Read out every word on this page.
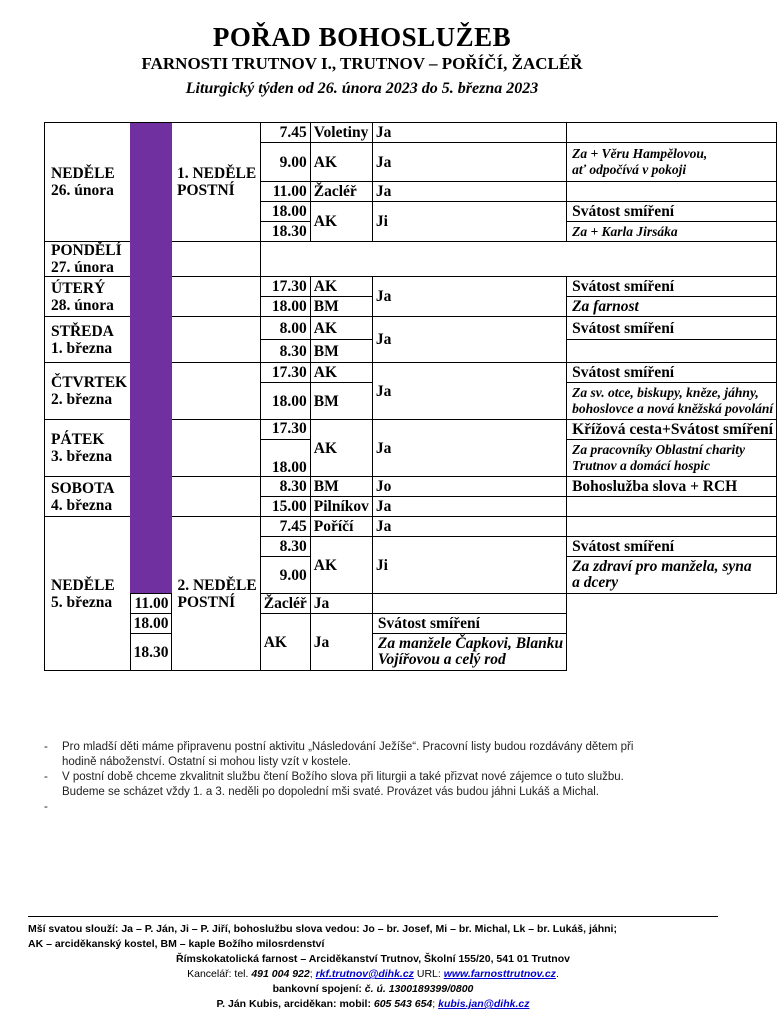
POŘAD BOHOSLUŽEB
FARNOSTI TRUTNOV I., TRUTNOV – POŘÍČÍ, ŽACLÉŘ
Liturgický týden od 26. února 2023 do 5. března 2023
NEDĚLE
26. února		1. NEDĚLE
POSTNÍ	7.45	Voletiny	Ja	
			9.00	AK	Ja	Za + Věru Hampělovou,
ať odpočívá v pokoji

			11.00	Žacléř	Ja	
			18.00	AK	Ji	Svátost smíření
			18.30			Za + Karla Jirsáka

PONDĚLÍ
27. února						

ÚTERÝ
28. února			17.30	AK	Ja	Svátost smíření
			18.00	BM		Za farnost

STŘEDA
1. března			8.00	AK	Ja	Svátost smíření
			8.30	BM		

ČTVRTEK
2. března			17.30	AK	Ja	Svátost smíření
			18.00	BM		Za sv. otce, biskupy, kněze, jáhny,
bohoslovce a nová kněžská povolání

PÁTEK
3. března			17.30	AK	Ja	Křížová cesta+Svátost smíření
			18.00			Za pracovníky Oblastní charity
Trutnov a domácí hospic

SOBOTA
4. března			8.30	BM	Jo	Bohoslužba slova + RCH
			15.00	Pilníkov	Ja	

NEDĚLE
5. března		2. NEDĚLE
POSTNÍ	7.45	Poříčí	Ja	
			8.30	AK	Ji	Svátost smíření
			9.00			Za zdraví pro manžela, syna
a dcery

	11.00		Žacléř	Ja		
	18.00		AK	Ja	Svátost smíření	
	18.30				Za manžele Čapkovi, Blanku
Vojířovou a celý rod	
- Pro mladší děti máme připravenu postní aktivitu „Následování Ježíše“. Pracovní listy budou rozdávány dětem při
hodině náboženství. Ostatní si mohou listy vzít v kostele.
- V postní době chceme zkvalitnit službu čtení Božího slova při liturgii a také přizvat nové zájemce o tuto službu.
Budeme se scházet vždy 1. a 3. neděli po dopolední mši svaté. Provázet vás budou jáhni Lukáš a Michal.
-
Mší svatou slouží: Ja – P. Ján, Ji – P. Jiří, bohoslužbu slova vedou: Jo – br. Josef, Mi – br. Michal, Lk – br. Lukáš, jáhni;
AK – arciděkanský kostel, BM – kaple Božího milosrdenství
Římskokatolická farnost – Arciděkanství Trutnov, Školní 155/20, 541 01 Trutnov
Kancelář: tel. 491 004 922; rkf.trutnov@dihk.cz URL: www.farnosttrutnov.cz.
bankovní spojení: č. ú. 1300189399/0800
P. Ján Kubis, arciděkan: mobil: 605 543 654; kubis.jan@dihk.cz
